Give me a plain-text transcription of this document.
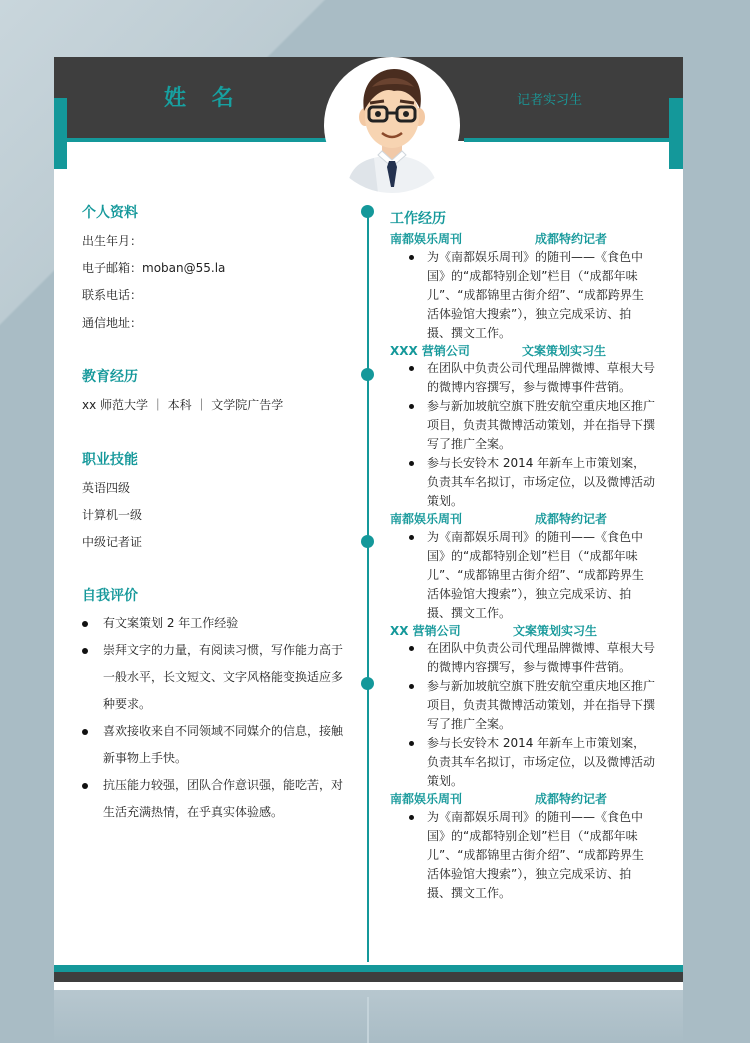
姓 名	记者实习生
个人资料
出生年月：
电子邮箱：moban@55.la
联系电话：
通信地址：
教育经历
xx 师范大学 ｜ 本科 ｜ 文学院广告学
职业技能
英语四级
计算机一级
中级记者证
自我评价
有文案策划 2 年工作经验
崇拜文字的力量，有阅读习惯，写作能力高于一般水平，长文短文、文字风格能变换适应多种要求。
喜欢接收来自不同领域不同媒介的信息，接触新事物上手快。
抗压能力较强，团队合作意识强，能吃苦，对生活充满热情，在乎真实体验感。
工作经历
南都娱乐周刊	成都特约记者
为《南都娱乐周刊》的随刊——《食色中国》的“成都特别企划”栏目（“成都年味儿”、“成都锦里古街介绍”、“成都跨界生活体验馆大搜索”），独立完成采访、拍摄、撰文工作。
XXX 营销公司	文案策划实习生
在团队中负责公司代理品牌微博、草根大号的微博内容撰写，参与微博事件营销。
参与新加坡航空旗下胜安航空重庆地区推广项目，负责其微博活动策划，并在指导下撰写了推广全案。
参与长安铃木 2014 年新车上市策划案，负责其车名拟订，市场定位，以及微博活动策划。
南都娱乐周刊	成都特约记者
为《南都娱乐周刊》的随刊——《食色中国》的“成都特别企划”栏目（“成都年味儿”、“成都锦里古街介绍”、“成都跨界生活体验馆大搜索”），独立完成采访、拍摄、撰文工作。
XX 营销公司	文案策划实习生
在团队中负责公司代理品牌微博、草根大号的微博内容撰写，参与微博事件营销。
参与新加坡航空旗下胜安航空重庆地区推广项目，负责其微博活动策划，并在指导下撰写了推广全案。
参与长安铃木 2014 年新车上市策划案，负责其车名拟订，市场定位，以及微博活动策划。
南都娱乐周刊	成都特约记者
为《南都娱乐周刊》的随刊——《食色中国》的“成都特别企划”栏目（“成都年味儿”、“成都锦里古街介绍”、“成都跨界生活体验馆大搜索”），独立完成采访、拍摄、撰文工作。
